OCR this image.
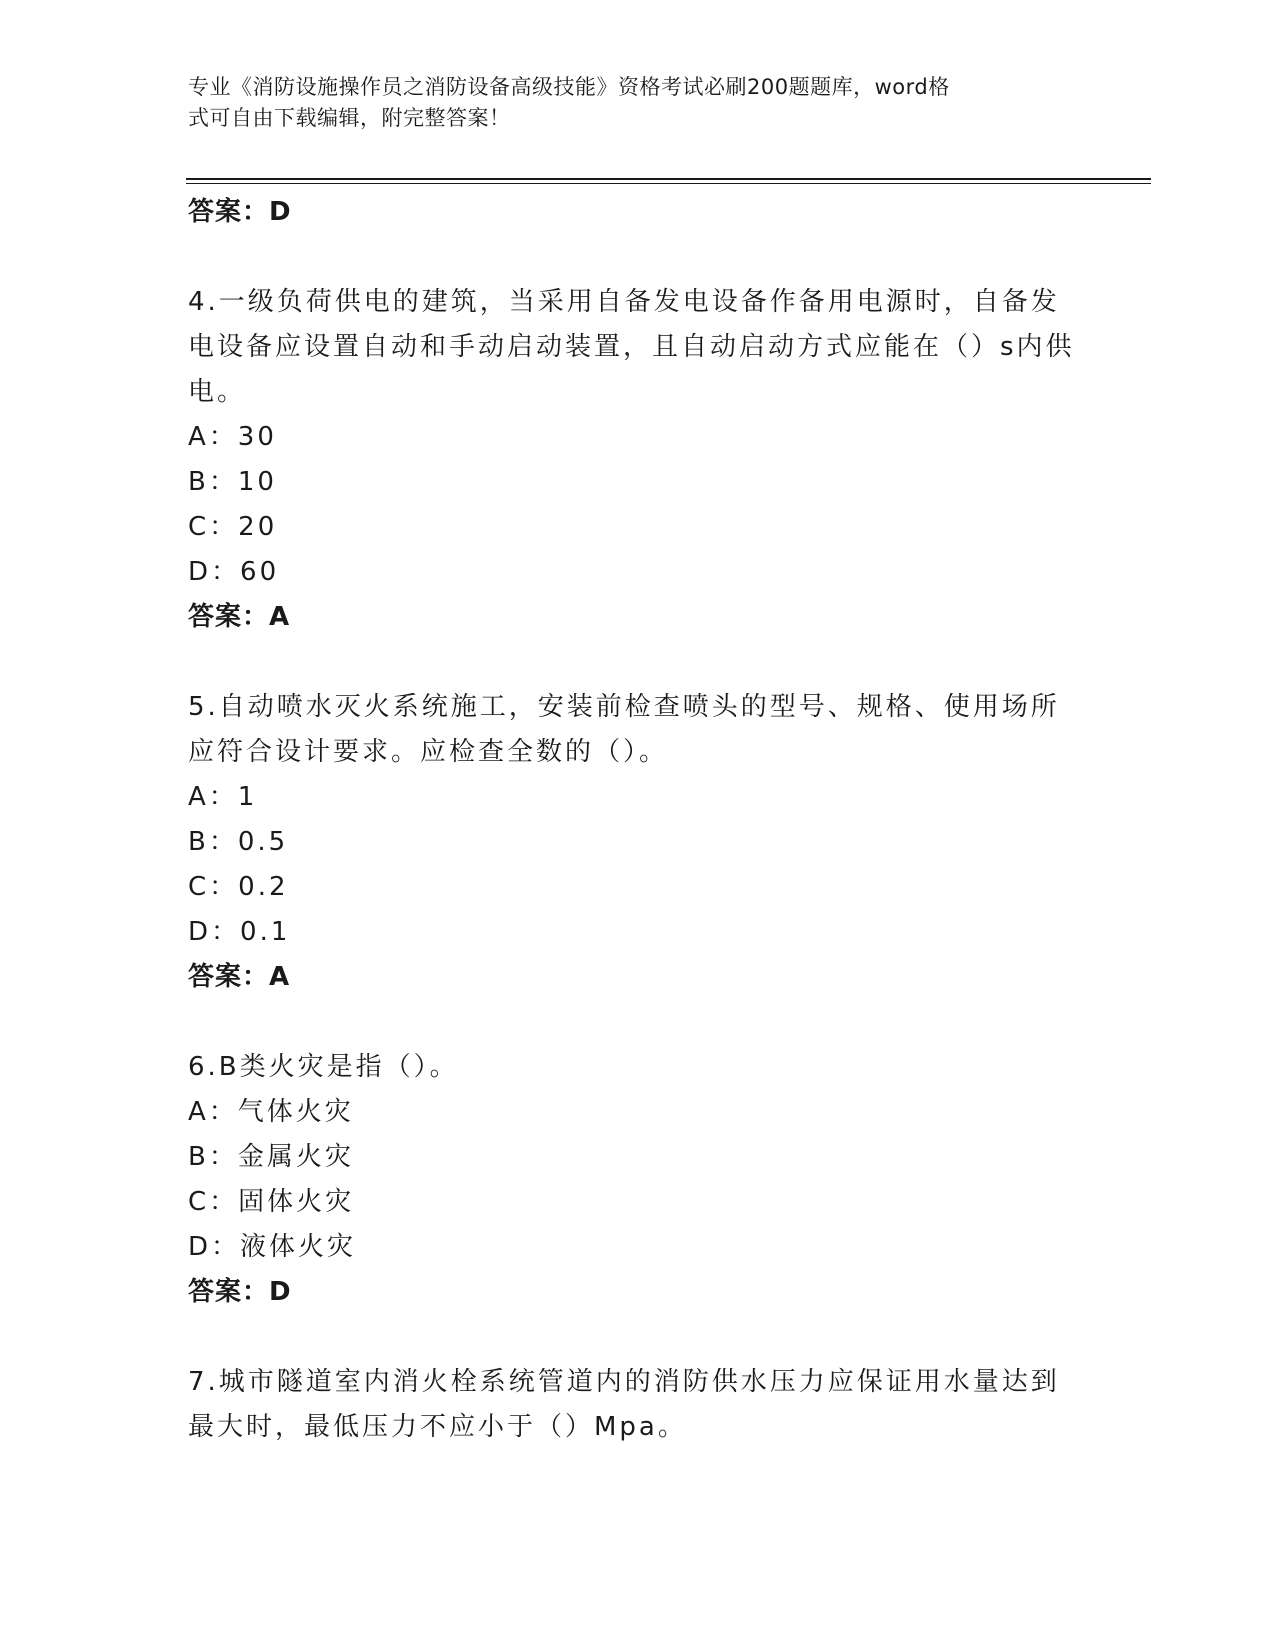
专业《消防设施操作员之消防设备高级技能》资格考试必刷200题题库，word格
式可自由下载编辑，附完整答案！
答案：D
4.一级负荷供电的建筑，当采用自备发电设备作备用电源时，自备发
电设备应设置自动和手动启动装置，且自动启动方式应能在（）s内供
电。
A：30
B：10
C：20
D：60
答案：A
5.自动喷水灭火系统施工，安装前检查喷头的型号、规格、使用场所
应符合设计要求。应检查全数的（）。
A：1
B：0.5
C：0.2
D：0.1
答案：A
6.B类火灾是指（）。
A：气体火灾
B：金属火灾
C：固体火灾
D：液体火灾
答案：D
7.城市隧道室内消火栓系统管道内的消防供水压力应保证用水量达到
最大时，最低压力不应小于（）Mpa。
